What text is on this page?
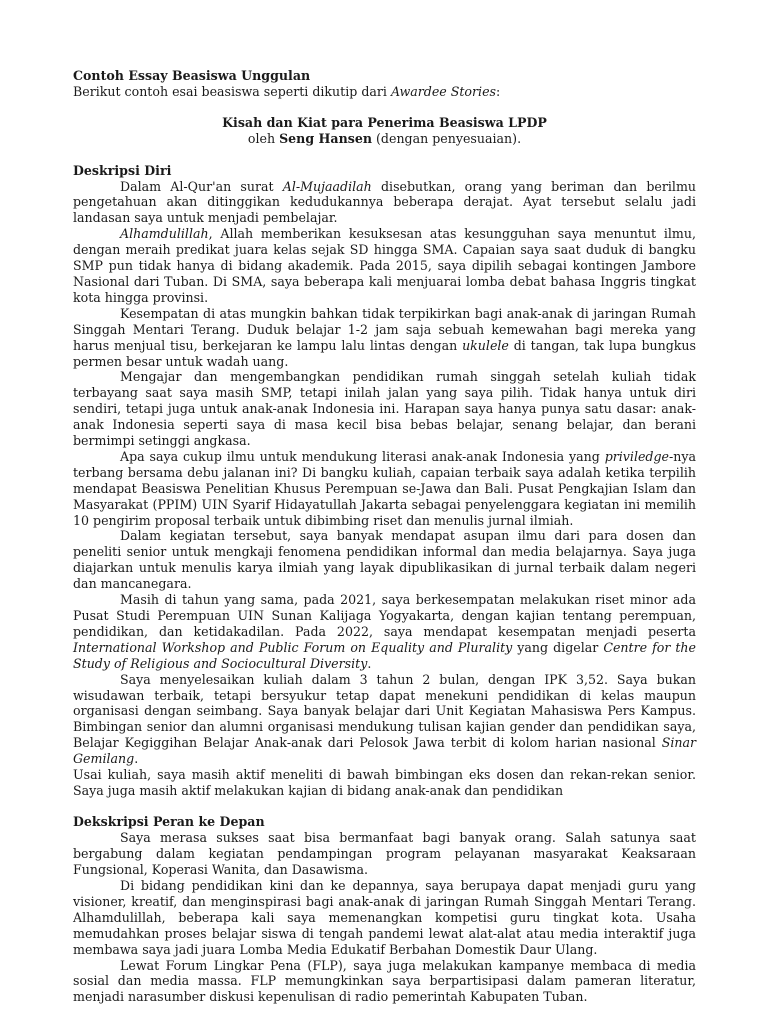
Contoh Essay Beasiswa Unggulan

Berikut contoh esai beasiswa seperti dikutip dari Awardee Stories:

Kisah dan Kiat para Penerima Beasiswa LPDP

oleh Seng Hansen (dengan penyesuaian).

Deskripsi Diri

Dalam Al-Qur'an surat Al-Mujaadilah disebutkan, orang yang beriman dan berilmu pengetahuan akan ditinggikan kedudukannya beberapa derajat. Ayat tersebut selalu jadi landasan saya untuk menjadi pembelajar.

Alhamdulillah, Allah memberikan kesuksesan atas kesungguhan saya menuntut ilmu, dengan meraih predikat juara kelas sejak SD hingga SMA. Capaian saya saat duduk di bangku SMP pun tidak hanya di bidang akademik. Pada 2015, saya dipilih sebagai kontingen Jambore Nasional dari Tuban. Di SMA, saya beberapa kali menjuarai lomba debat bahasa Inggris tingkat kota hingga provinsi.

Kesempatan di atas mungkin bahkan tidak terpikirkan bagi anak-anak di jaringan Rumah Singgah Mentari Terang. Duduk belajar 1-2 jam saja sebuah kemewahan bagi mereka yang harus menjual tisu, berkejaran ke lampu lalu lintas dengan ukulele di tangan, tak lupa bungkus permen besar untuk wadah uang.

Mengajar dan mengembangkan pendidikan rumah singgah setelah kuliah tidak terbayang saat saya masih SMP, tetapi inilah jalan yang saya pilih. Tidak hanya untuk diri sendiri, tetapi juga untuk anak-anak Indonesia ini. Harapan saya hanya punya satu dasar: anak-anak Indonesia seperti saya di masa kecil bisa bebas belajar, senang belajar, dan berani bermimpi setinggi angkasa.

Apa saya cukup ilmu untuk mendukung literasi anak-anak Indonesia yang priviledge-nya terbang bersama debu jalanan ini? Di bangku kuliah, capaian terbaik saya adalah ketika terpilih mendapat Beasiswa Penelitian Khusus Perempuan se-Jawa dan Bali. Pusat Pengkajian Islam dan Masyarakat (PPIM) UIN Syarif Hidayatullah Jakarta sebagai penyelenggara kegiatan ini memilih 10 pengirim proposal terbaik untuk dibimbing riset dan menulis jurnal ilmiah.

Dalam kegiatan tersebut, saya banyak mendapat asupan ilmu dari para dosen dan peneliti senior untuk mengkaji fenomena pendidikan informal dan media belajarnya. Saya juga diajarkan untuk menulis karya ilmiah yang layak dipublikasikan di jurnal terbaik dalam negeri dan mancanegara.

Masih di tahun yang sama, pada 2021, saya berkesempatan melakukan riset minor ada Pusat Studi Perempuan UIN Sunan Kalijaga Yogyakarta, dengan kajian tentang perempuan, pendidikan, dan ketidakadilan. Pada 2022, saya mendapat kesempatan menjadi peserta International Workshop and Public Forum on Equality and Plurality yang digelar Centre for the Study of Religious and Sociocultural Diversity.

Saya menyelesaikan kuliah dalam 3 tahun 2 bulan, dengan IPK 3,52. Saya bukan wisudawan terbaik, tetapi bersyukur tetap dapat menekuni pendidikan di kelas maupun organisasi dengan seimbang. Saya banyak belajar dari Unit Kegiatan Mahasiswa Pers Kampus. Bimbingan senior dan alumni organisasi mendukung tulisan kajian gender dan pendidikan saya, Belajar Kegiggihan Belajar Anak-anak dari Pelosok Jawa terbit di kolom harian nasional Sinar Gemilang.

Usai kuliah, saya masih aktif meneliti di bawah bimbingan eks dosen dan rekan-rekan senior. Saya juga masih aktif melakukan kajian di bidang anak-anak dan pendidikan

Dekskripsi Peran ke Depan

Saya merasa sukses saat bisa bermanfaat bagi banyak orang. Salah satunya saat bergabung dalam kegiatan pendampingan program pelayanan masyarakat Keaksaraan Fungsional, Koperasi Wanita, dan Dasawisma.

Di bidang pendidikan kini dan ke depannya, saya berupaya dapat menjadi guru yang visioner, kreatif, dan menginspirasi bagi anak-anak di jaringan Rumah Singgah Mentari Terang. Alhamdulillah, beberapa kali saya memenangkan kompetisi guru tingkat kota. Usaha memudahkan proses belajar siswa di tengah pandemi lewat alat-alat atau media interaktif juga membawa saya jadi juara Lomba Media Edukatif Berbahan Domestik Daur Ulang.

Lewat Forum Lingkar Pena (FLP), saya juga melakukan kampanye membaca di media sosial dan media massa. FLP memungkinkan saya berpartisipasi dalam pameran literatur, menjadi narasumber diskusi kepenulisan di radio pemerintah Kabupaten Tuban.
